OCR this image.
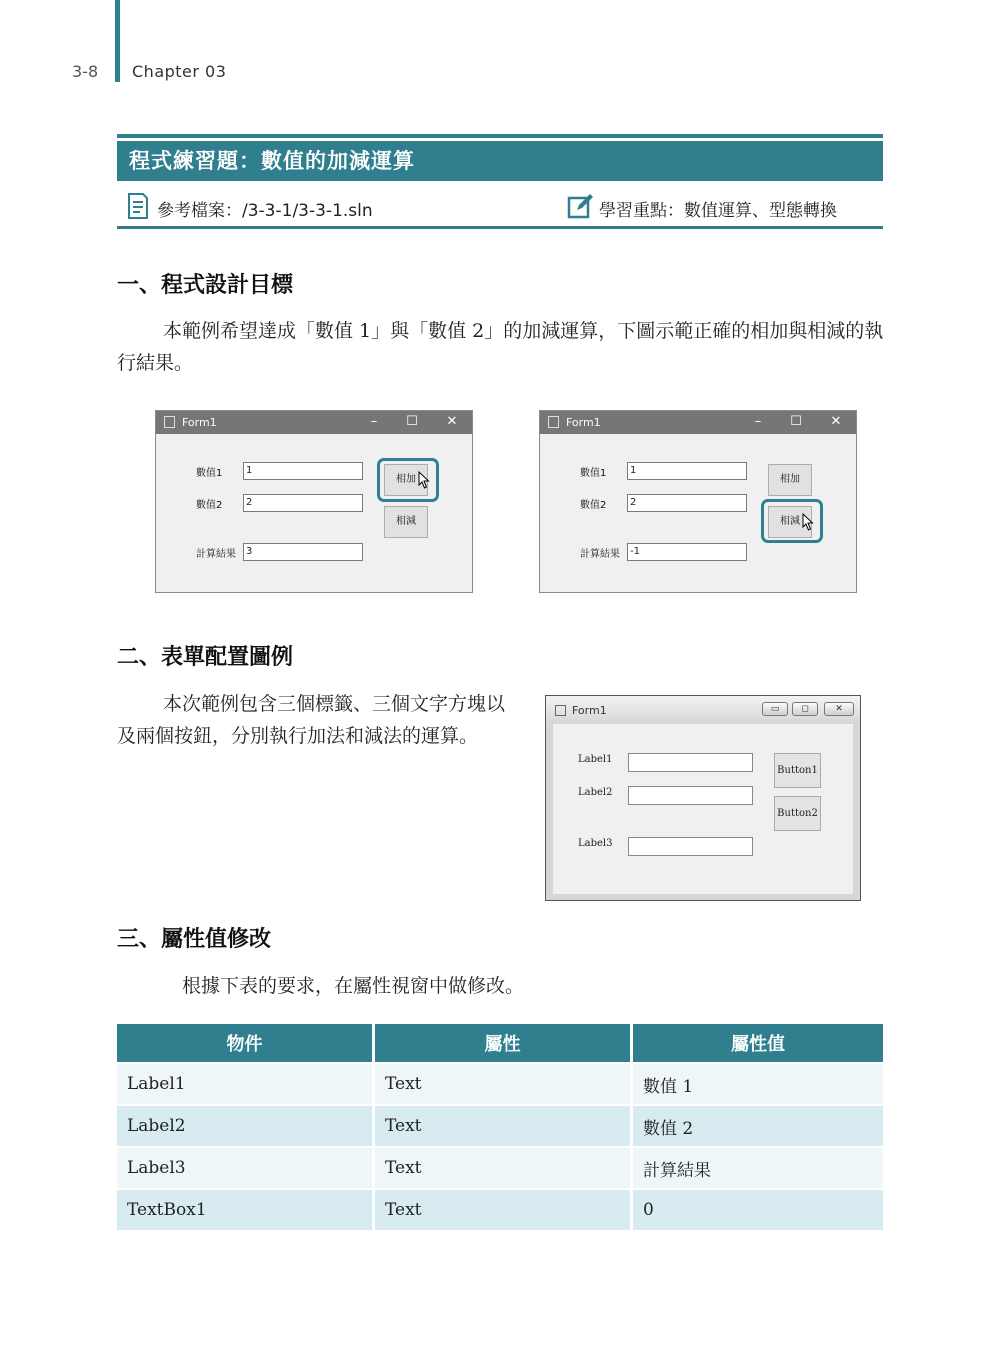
3-8 Chapter 03
程式練習題：數值的加減運算
參考檔案：/3-3-1/3-3-1.sln	學習重點：數值運算、型態轉換
一、程式設計目標

本範例希望達成「數值 1」與「數值 2」的加減運算，下圖示範正確的相加與相減的執行結果。

Form1	–	☐	✕
數值1	1
數值2	2
計算結果	3
相加
相減
Form1	–	☐	✕
數值1	1
數值2	2
計算結果	-1
相加
相減
二、表單配置圖例

本次範例包含三個標籤、三個文字方塊以及兩個按鈕，分別執行加法和減法的運算。

Form1	▭	◻	✕
Label1
Label2
Label3
Button1
Button2
三、屬性值修改

根據下表的要求，在屬性視窗中做修改。

物件	屬性	屬性值
Label1	Text	數值 1
Label2	Text	數值 2
Label3	Text	計算結果
TextBox1	Text	0
